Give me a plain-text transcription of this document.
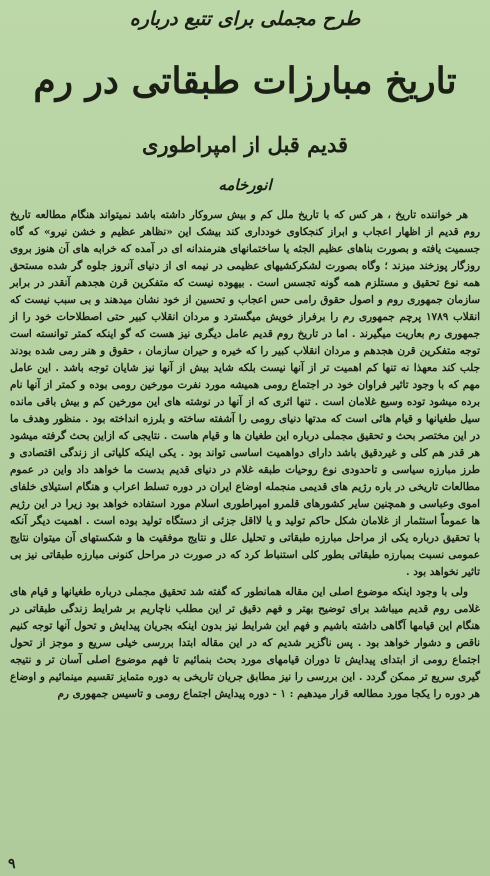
طرح مجملی برای تتبع درباره
تاریخ مبارزات طبقاتی در رم
قدیم قبل از امپراطوری
انورخامه

هر خواننده تاریخ ، هر کس که با تاریخ ملل کم و بیش سروکار داشته باشد نمیتواند هنگام مطالعه تاریخ روم قدیم از اظهار اعجاب و ابراز کنجکاوی خودداری کند بیشک این «نظاهر عظیم و خشن نیرو» که گاه جسمیت یافته و بصورت بناهای عظیم الجثه یا ساختمانهای هنرمندانه ای در آمده که خرابه های آن هنوز بروی روزگار پوزخند میزند ؛ وگاه بصورت لشکرکشیهای عظیمی در نیمه ای از دنیای آنروز جلوه گر شده مستحق همه نوع تحقیق و مستلزم همه گونه تجسس است . بیهوده نیست که متفکرین قرن هجدهم آنقدر در برابر سازمان جمهوری روم و اصول حقوق رامی حس اعجاب و تحسین از خود نشان میدهند و بی سبب نیست که انقلاب ۱۷۸۹ پرچم جمهوری رم را برفراز خویش میگسترد و مردان انقلاب کبیر حتی اصطلاحات خود را از جمهوری رم بعاریت میگیرند . اما در تاریخ روم قدیم عامل دیگری نیز هست که گو اینکه کمتر توانسته است توجه متفکرین قرن هجدهم و مردان انقلاب کبیر را که خیره و حیران سازمان ، حقوق و هنر رمی شده بودند جلب کند معهذا نه تنها کم اهمیت تر از آنها نیست بلکه شاید بیش از آنها نیز شایان توجه باشد . این عامل مهم که با وجود تاثیر فراوان خود در اجتماع رومی همیشه مورد نفرت مورخین رومی بوده و کمتر از آنها نام برده میشود توده وسیع غلامان است . تنها اثری که از آنها در نوشته های این مورخین کم و بیش باقی مانده سیل طغیانها و قیام هائی است که مدتها دنیای رومی را آشفته ساخته و بلرزه انداخته بود . منظور وهدف ما در این مختصر بحث و تحقیق مجملی درباره این طغیان ها و قیام هاست . نتایجی که ازاین بحث گرفته میشود هر قدر هم کلی و غیردقیق باشد دارای دواهمیت اساسی تواند بود . یکی اینکه کلیاتی از زندگی اقتصادی و طرز مبارزه سیاسی و تاحدودی نوع روحیات طبقه غلام در دنیای قدیم بدست ما خواهد داد واین در عموم مطالعات تاریخی در باره رژیم های قدیمی منجمله اوضاع ایران در دوره تسلط اعراب و هنگام استیلای خلفای اموی وعباسی و همچنین سایر کشورهای قلمرو امپراطوری اسلام مورد استفاده خواهد بود زیرا در این رژیم ها عموماً استثمار از غلامان شکل حاکم تولید و یا لااقل جزئی از دستگاه تولید بوده است . اهمیت دیگر آنکه با تحقیق درباره یکی از مراحل مبارزه طبقاتی و تحلیل علل و نتایج موفقیت ها و شکستهای آن میتوان نتایج عمومی نسبت بمبارزه طبقاتی بطور کلی استنباط کرد که در صورت در مراحل کنونی مبارزه طبقاتی نیز بی تاثیر نخواهد بود .

ولی با وجود اینکه موضوع اصلی این مقاله همانطور که گفته شد تحقیق مجملی درباره طغیانها و قیام های غلامی روم قدیم میباشد برای توضیح بهتر و فهم دقیق تر این مطلب ناچاریم بر شرایط زندگی طبقاتی در هنگام این قیامها آگاهی داشته باشیم و فهم این شرایط نیز بدون اینکه بجریان پیدایش و تحول آنها توجه کنیم ناقص و دشوار خواهد بود . پس ناگزیر شدیم که در این مقاله ابتدا بررسی خیلی سریع و موجز از تحول اجتماع رومی از ابتدای پیدایش تا دوران قیامهای مورد بحث بنمائیم تا فهم موضوع اصلی آسان تر و نتیجه گیری سریع تر ممکن گردد . این بررسی را نیز مطابق جریان تاریخی به دوره متمایز تقسیم مینمائیم و اوضاع هر دوره را یکجا مورد مطالعه قرار میدهیم : ۱ - دوره پیدایش اجتماع رومی و تاسیس جمهوری رم

۹
